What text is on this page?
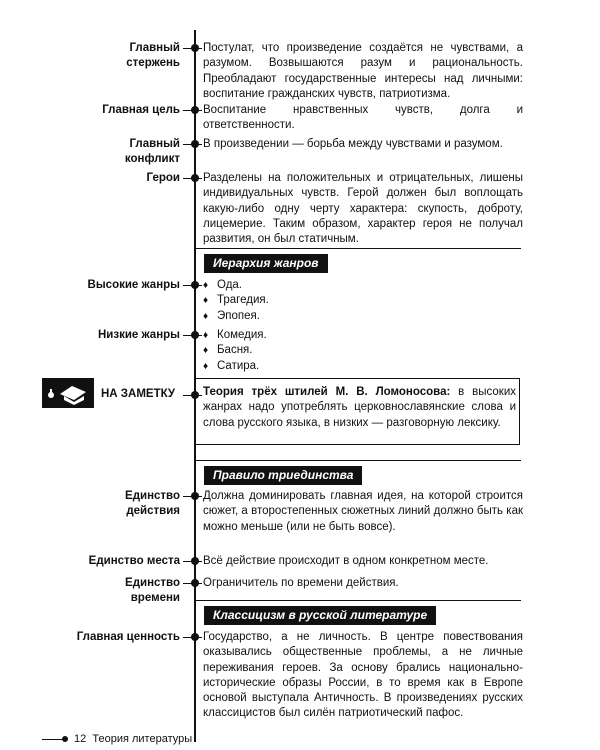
Главный
стержень
Постулат, что произведение создаётся не чувствами, а разумом. Возвышаются разум и рациональность. Преобладают государственные интересы над личными: воспитание гражданских чувств, патриотизма.
Главная цель Воспитание нравственных чувств, долга и ответственности.
Главный
конфликт
В произведении — борьба между чувствами и разумом.
Герои Разделены на положительных и отрицательных, лишены индивидуальных чувств. Герой должен был воплощать какую-либо одну черту характера: скупость, доброту, лицемерие. Таким образом, характер героя не получал развития, он был статичным.
Иерархия жанров
Высокие жанры ♦ Ода.
♦ Трагедия.
♦ Эпопея.
Низкие жанры ♦ Комедия.
♦ Басня.
♦ Сатира.
НА ЗАМЕТКУ Теория трёх штилей М. В. Ломоносова: в высоких жанрах надо употреблять церковнославянские слова и слова русского языка, в низких — разговорную лексику.
Правило триединства
Единство
действия
Должна доминировать главная идея, на которой строится сюжет, а второстепенных сюжетных линий должно быть как можно меньше (или не быть вовсе).
Единство места Всё действие происходит в одном конкретном месте.
Единство
времени
Ограничитель по времени действия.
Классицизм в русской литературе
Главная ценность Государство, а не личность. В центре повествования оказывались общественные проблемы, а не личные переживания героев. За основу брались национально-исторические образы России, в то время как в Европе основой выступала Античность. В произведениях русских классицистов был силён патриотический пафос.
12 Теория литературы
